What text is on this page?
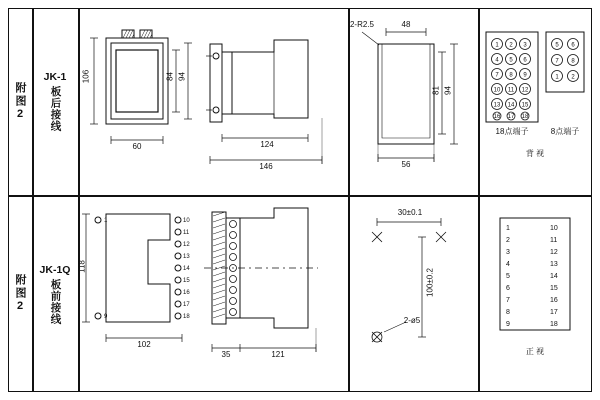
附图2
JK-1
板后接线
106	84 94
60	124
146
2-R2.5	48
81 94
56
1 2 3
4 5 6
7 8 9
10 11 12
13 14 15
16 17 18
5 6
7 8
1 2
18点端子	8点端子
背 视
附图2
JK-1Q
板前接线
1
9
10
11
12
13
14
15
16
17
18
118
102
35	121
30±0.1
100±0.2
2-ø5
1	10
2	11
3	12
4	13
5	14
6	15
7	16
8	17
9	18
正 视
